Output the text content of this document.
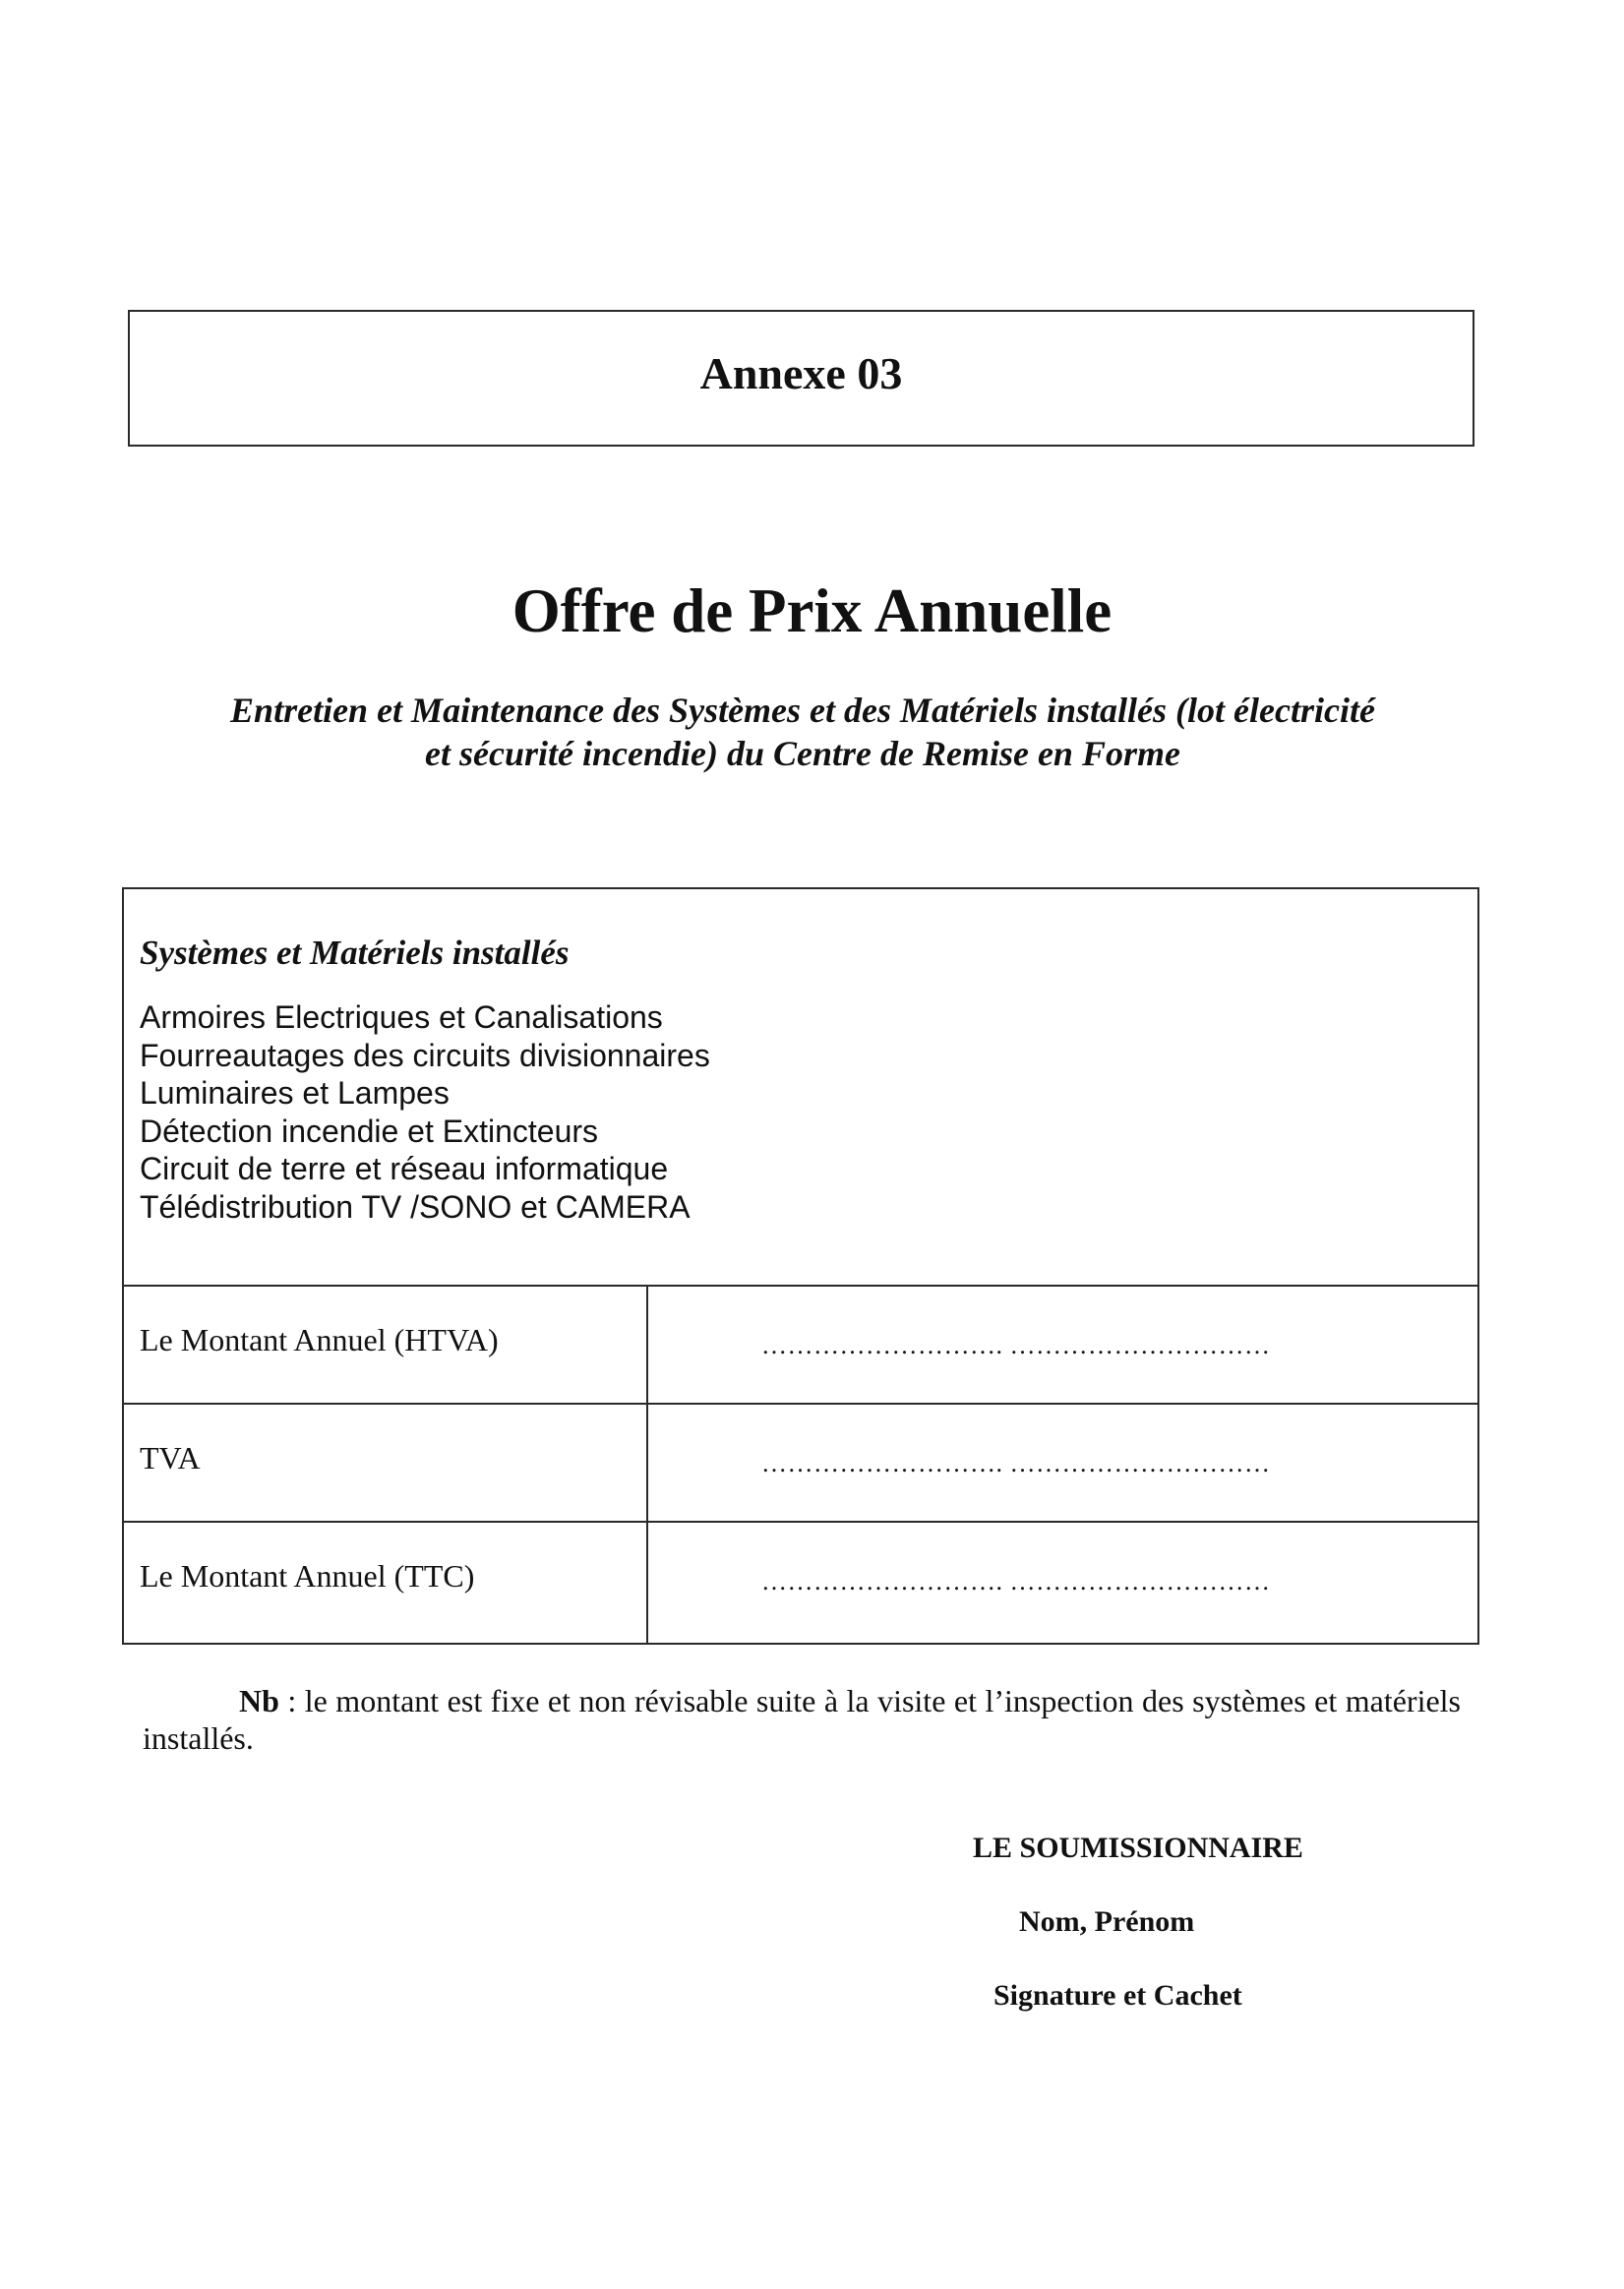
Annexe 03
Offre de Prix Annuelle
Entretien et Maintenance des Systèmes et des Matériels installés (lot électricité
et sécurité incendie) du Centre de Remise en Forme
Systèmes et Matériels installés
Armoires Electriques et Canalisations
Fourreautages des circuits divisionnaires
Luminaires et Lampes
Détection incendie et Extincteurs
Circuit de terre et réseau informatique
Télédistribution TV /SONO et CAMERA
Le Montant Annuel (HTVA)	………………………. …………………………
TVA	………………………. …………………………
Le Montant Annuel (TTC)	………………………. …………………………
Nb : le montant est fixe et non révisable suite à la visite et l’inspection des systèmes et matériels installés.
LE SOUMISSIONNAIRE
Nom, Prénom
Signature et Cachet
